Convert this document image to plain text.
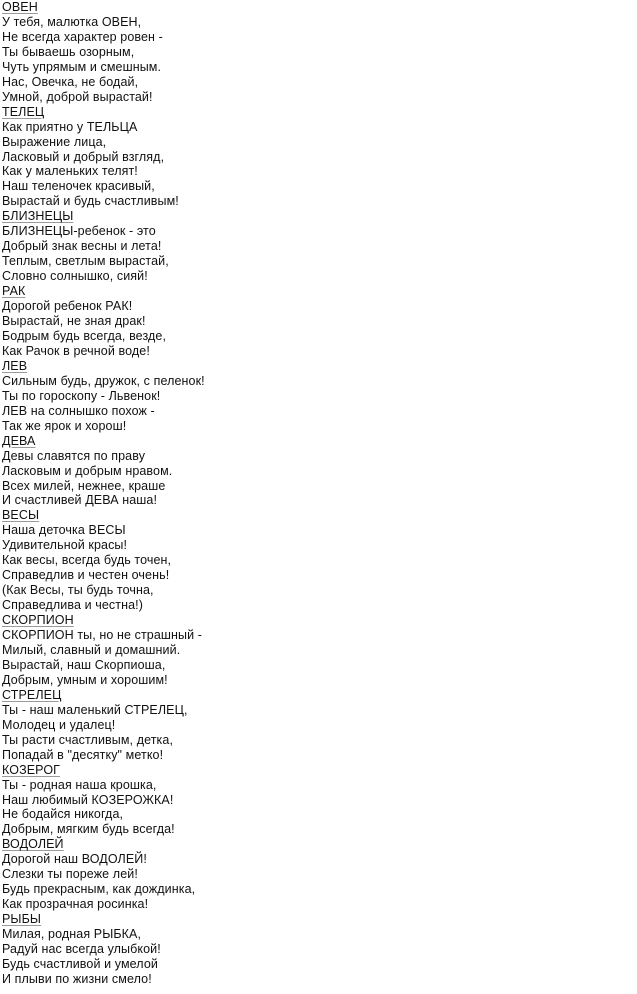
ОВЕН
У тебя, малютка ОВЕН,
Не всегда характер ровен -
Ты бываешь озорным,
Чуть упрямым и смешным.
Нас, Овечка, не бодай,
Умной, доброй вырастай!
ТЕЛЕЦ
Как приятно у ТЕЛЬЦА
Выражение лица,
Ласковый и добрый взгляд,
Как у маленьких телят!
Наш теленочек красивый,
Вырастай и будь счастливым!
БЛИЗНЕЦЫ
БЛИЗНЕЦЫ-ребенок - это
Добрый знак весны и лета!
Теплым, светлым вырастай,
Словно солнышко, сияй!
РАК
Дорогой ребенок РАК!
Вырастай, не зная драк!
Бодрым будь всегда, везде,
Как Рачок в речной воде!
ЛЕВ
Сильным будь, дружок, с пеленок!
Ты по гороскопу - Львенок!
ЛЕВ на солнышко похож -
Так же ярок и хорош!
ДЕВА
Девы славятся по праву
Ласковым и добрым нравом.
Всех милей, нежнее, краше
И счастливей ДЕВА наша!
ВЕСЫ
Наша деточка ВЕСЫ
Удивительной красы!
Как весы, всегда будь точен,
Справедлив и честен очень!
(Как Весы, ты будь точна,
Справедлива и честна!)
СКОРПИОН
СКОРПИОН ты, но не страшный -
Милый, славный и домашний.
Вырастай, наш Скорпиоша,
Добрым, умным и хорошим!
СТРЕЛЕЦ
Ты - наш маленький СТРЕЛЕЦ,
Молодец и удалец!
Ты расти счастливым, детка,
Попадай в "десятку" метко!
КОЗЕРОГ
Ты - родная наша крошка,
Наш любимый КОЗЕРОЖКА!
Не бодайся никогда,
Добрым, мягким будь всегда!
ВОДОЛЕЙ
Дорогой наш ВОДОЛЕЙ!
Слезки ты пореже лей!
Будь прекрасным, как дождинка,
Как прозрачная росинка!
РЫБЫ
Милая, родная РЫБКА,
Радуй нас всегда улыбкой!
Будь счастливой и умелой
И плыви по жизни смело!
